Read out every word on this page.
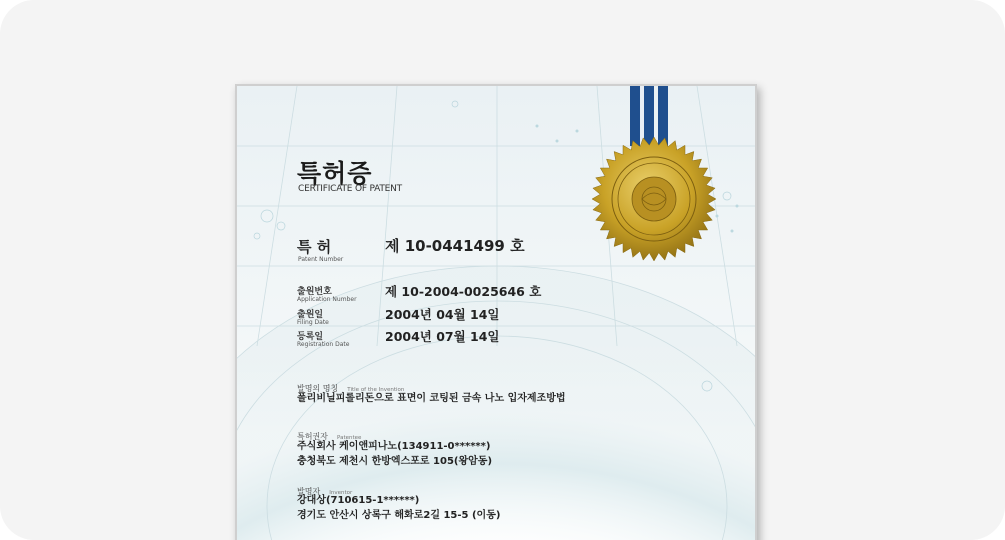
특허증
CERTIFICATE OF PATENT
특 허
Patent Number
제 10-0441499 호
출원번호
Application Number
제 10-2004-0025646 호
출원일
Filing Date
2004년 04월 14일
등록일
Registration Date
2004년 07월 14일
발명의 명칭 Title of the Invention
폴리비닐피롤리돈으로 표면이 코팅된 금속 나노 입자제조방법
특허권자 Patentee
주식회사 케이앤피나노(134911-0******)
충청북도 제천시 한방엑스포로 105(왕암동)
발명자 Inventor
강대상(710615-1******)
경기도 안산시 상록구 해화로2길 15-5 (이동)
